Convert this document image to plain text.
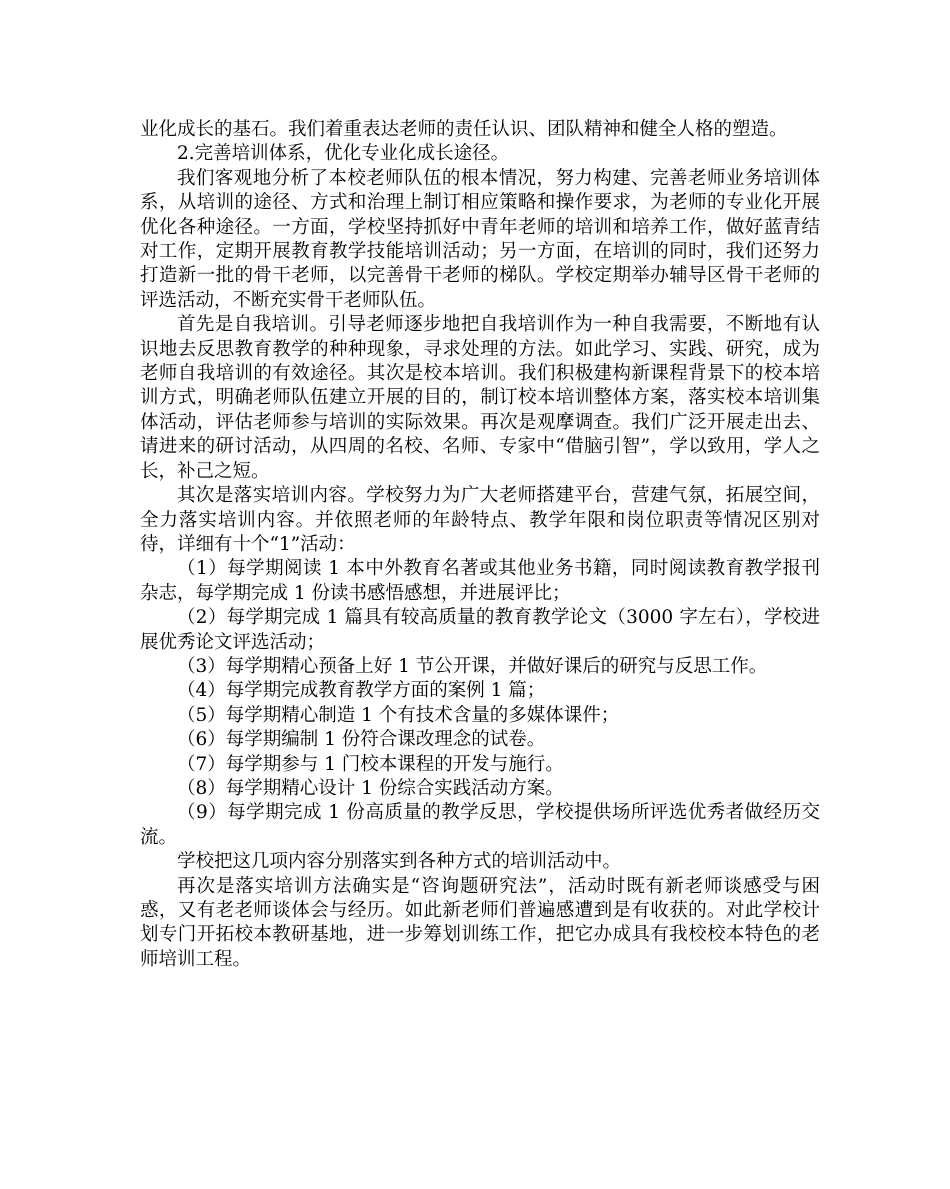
业化成长的基石。我们着重表达老师的责任认识、团队精神和健全人格的塑造。

2.完善培训体系，优化专业化成长途径。

我们客观地分析了本校老师队伍的根本情况，努力构建、完善老师业务培训体系，从培训的途径、方式和治理上制订相应策略和操作要求，为老师的专业化开展优化各种途径。一方面，学校坚持抓好中青年老师的培训和培养工作，做好蓝青结对工作，定期开展教育教学技能培训活动；另一方面，在培训的同时，我们还努力打造新一批的骨干老师，以完善骨干老师的梯队。学校定期举办辅导区骨干老师的评选活动，不断充实骨干老师队伍。

首先是自我培训。引导老师逐步地把自我培训作为一种自我需要，不断地有认识地去反思教育教学的种种现象，寻求处理的方法。如此学习、实践、研究，成为老师自我培训的有效途径。其次是校本培训。我们积极建构新课程背景下的校本培训方式，明确老师队伍建立开展的目的，制订校本培训整体方案，落实校本培训集体活动，评估老师参与培训的实际效果。再次是观摩调查。我们广泛开展走出去、请进来的研讨活动，从四周的名校、名师、专家中“借脑引智”，学以致用，学人之长，补己之短。

其次是落实培训内容。学校努力为广大老师搭建平台，营建气氛，拓展空间，全力落实培训内容。并依照老师的年龄特点、教学年限和岗位职责等情况区别对待，详细有十个“1”活动：

（1）每学期阅读 1 本中外教育名著或其他业务书籍，同时阅读教育教学报刊杂志，每学期完成 1 份读书感悟感想，并进展评比；

（2）每学期完成 1 篇具有较高质量的教育教学论文（3000 字左右），学校进展优秀论文评选活动；

（3）每学期精心预备上好 1 节公开课，并做好课后的研究与反思工作。

（4）每学期完成教育教学方面的案例 1 篇；

（5）每学期精心制造 1 个有技术含量的多媒体课件；

（6）每学期编制 1 份符合课改理念的试卷。

（7）每学期参与 1 门校本课程的开发与施行。

（8）每学期精心设计 1 份综合实践活动方案。

（9）每学期完成 1 份高质量的教学反思，学校提供场所评选优秀者做经历交流。

学校把这几项内容分别落实到各种方式的培训活动中。

再次是落实培训方法确实是“咨询题研究法”，活动时既有新老师谈感受与困惑，又有老老师谈体会与经历。如此新老师们普遍感遭到是有收获的。对此学校计划专门开拓校本教研基地，进一步筹划训练工作，把它办成具有我校校本特色的老师培训工程。
